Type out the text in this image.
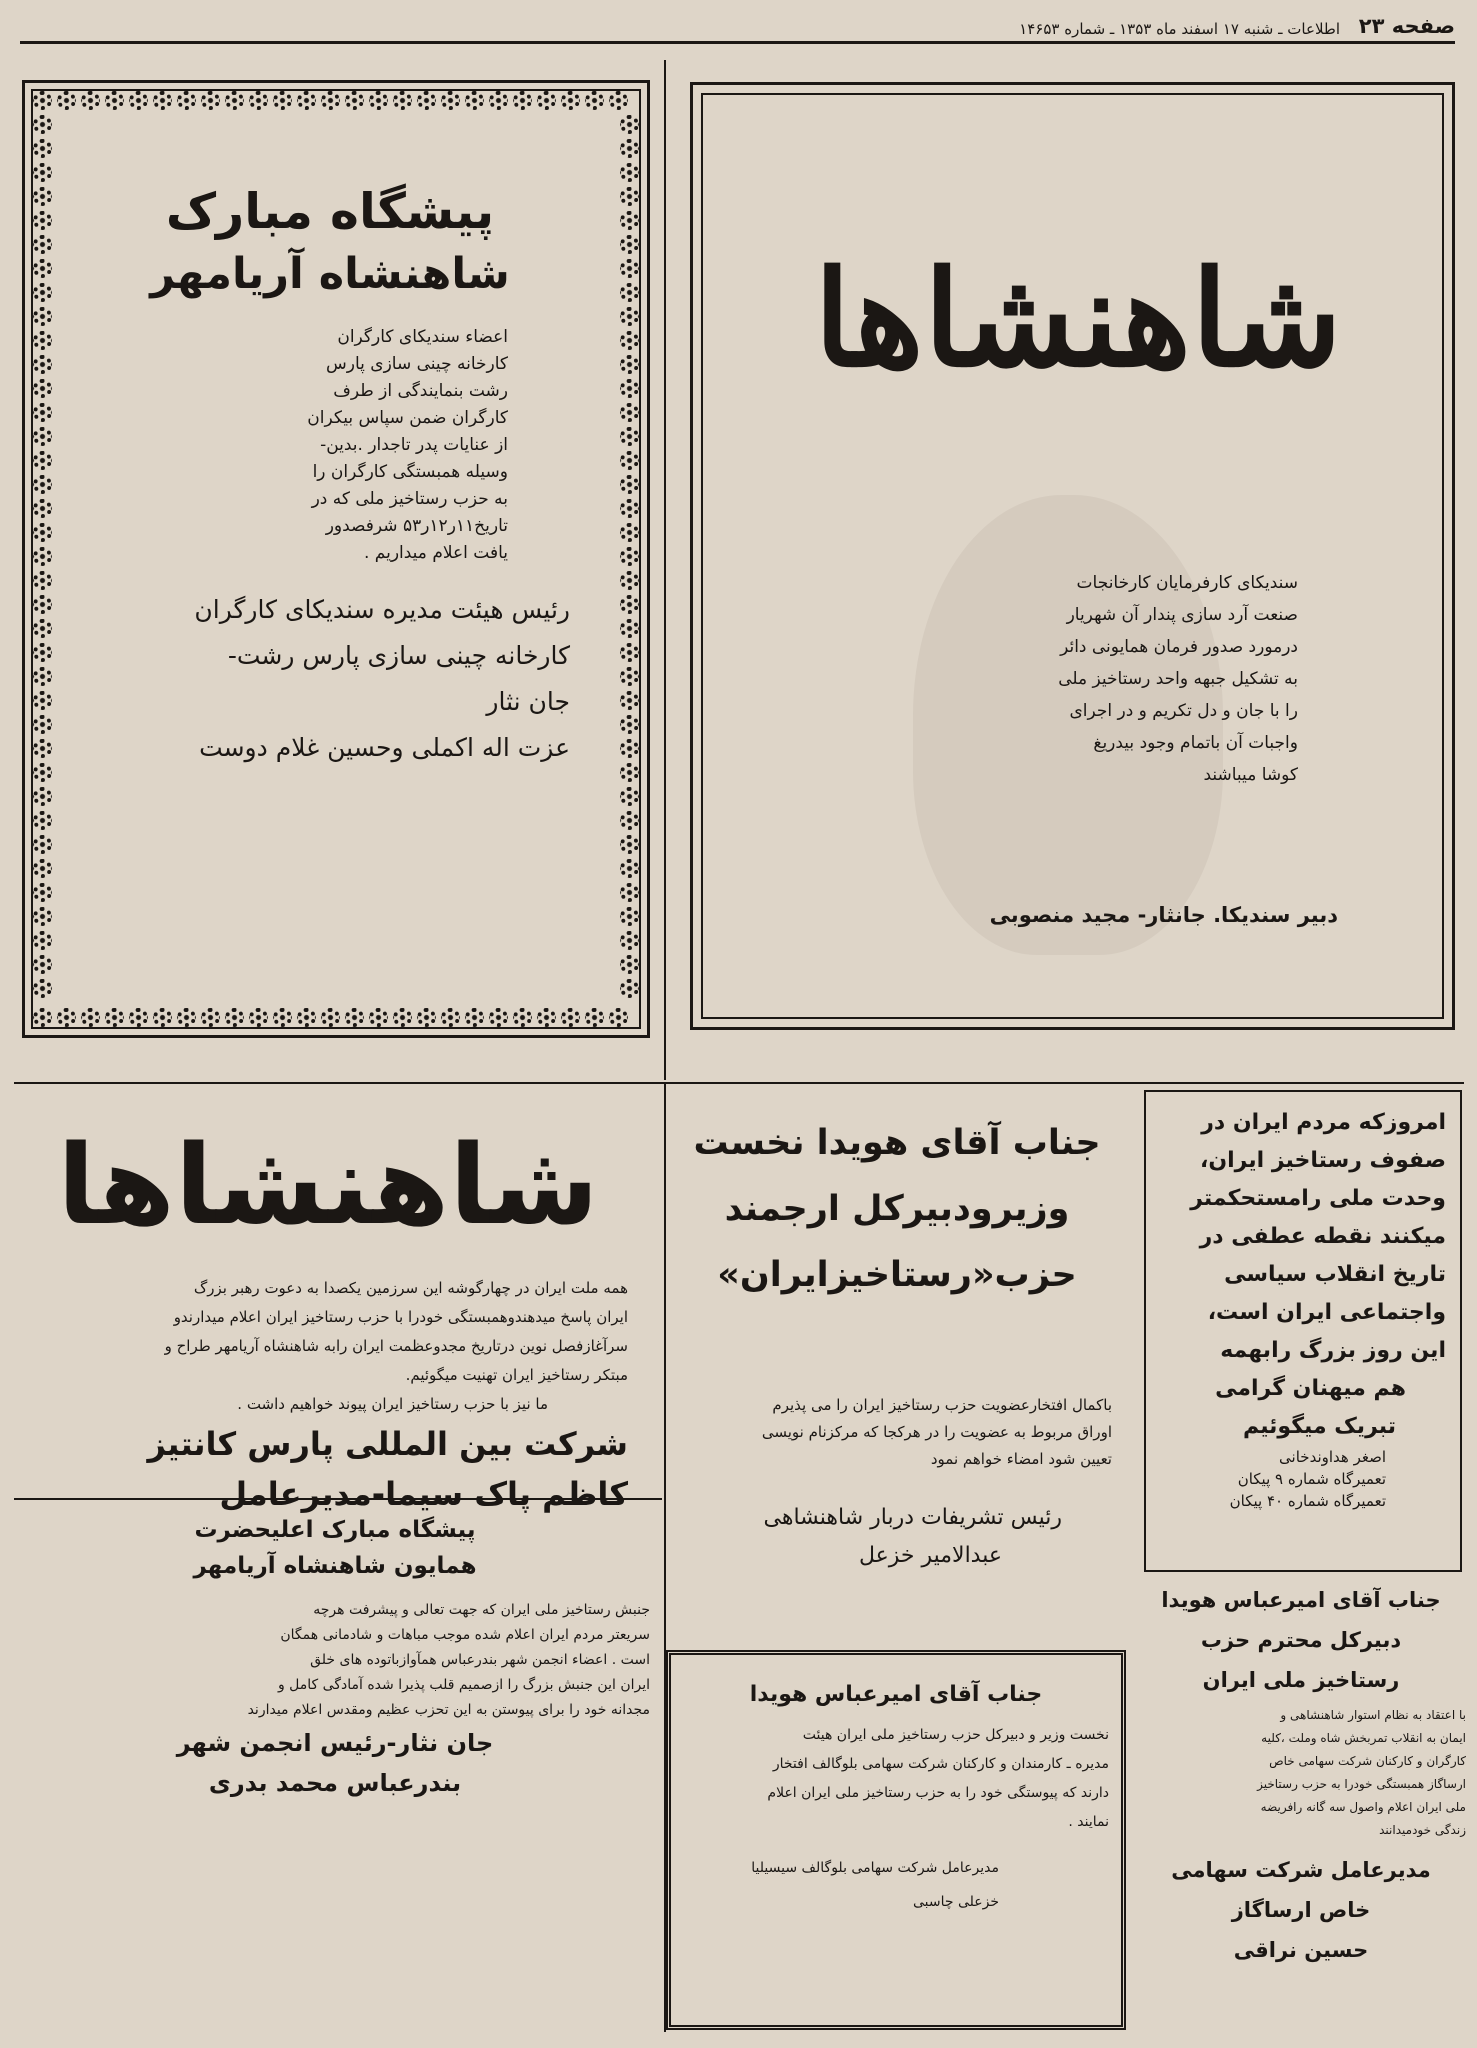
صفحه ۲۳
اطلاعات ـ شنبه ۱۷ اسفند ماه ۱۳۵۳ ـ شماره ۱۴۶۵۳
پیشگاه مبارک
شاهنشاه آریامهر
اعضاء سندیکای کارگران
کارخانه چینی سازی پارس
رشت بنمایندگی از طرف
کارگران ضمن سپاس بیکران
از عنایات پدر تاجدار .بدین-
وسیله همبستگی کارگران را
به حزب رستاخیز ملی که در
تاریخ۱۱ر۱۲ر۵۳ شرفصدور
یافت اعلام میداریم .
رئیس هیئت مدیره سندیکای کارگران
کارخانه چینی سازی پارس رشت-
جان نثار
عزت اله اکملی وحسین غلام دوست
شاهنشاها
سندیکای کارفرمایان کارخانجات
صنعت آرد سازی پندار آن شهریار
درمورد صدور فرمان همایونی دائر
به تشکیل جبهه واحد رستاخیز ملی
را با جان و دل تکریم و در اجرای
واجبات آن باتمام وجود بیدریغ
کوشا میباشند
دبیر سندیکا. جانثار- مجید منصوبی
شاهنشاها
همه ملت ایران در چهارگوشه این سرزمین یکصدا به دعوت رهبر بزرگ
ایران پاسخ میدهندوهمبستگی خودرا با حزب رستاخیز ایران اعلام میدارندو
سرآغازفصل نوین درتاریخ مجدوعظمت ایران رابه شاهنشاه آریامهر طراح و
مبتکر رستاخیز ایران تهنیت میگوئیم.
ما نیز با حزب رستاخیز ایران پیوند خواهیم داشت .
شرکت بین المللی پارس کانتیز
کاظم پاک سیما-مدیرعامل
جناب آقای هویدا نخست
وزیرودبیرکل ارجمند
حزب«رستاخیزایران»
باکمال افتخارعضویت حزب رستاخیز ایران را می پذیرم
اوراق مربوط به عضویت را در هرکجا که مرکزنام نویسی
تعیین شود امضاء خواهم نمود
رئیس تشریفات دربار شاهنشاهی
عبدالامیر خزعل
امروزکه مردم ایران در
صفوف رستاخیز ایران،
وحدت ملی رامستحکمتر
میکنند نقطه عطفی در
تاریخ انقلاب سیاسی
واجتماعی ایران است،
این روز بزرگ رابهمه
هم میهنان گرامی
تبریک میگوئیم
اصغر هداوندخانی
تعمیرگاه شماره ۹ پیکان
تعمیرگاه شماره ۴۰ پیکان
پیشگاه مبارک اعلیحضرت
همایون شاهنشاه آریامهر
جنبش رستاخیز ملی ایران که جهت تعالی و پیشرفت هرچه
سریعتر مردم ایران اعلام شده موجب مباهات و شادمانی همگان
است . اعضاء انجمن شهر بندرعباس همآوازباتوده های خلق
ایران این جنبش بزرگ را ازصمیم قلب پذیرا شده آمادگی کامل و
مجدانه خود را برای پیوستن به این تحزب عظیم ومقدس اعلام میدارند
جان نثار-رئیس انجمن شهر
بندرعباس محمد بدری
جناب آقای امیرعباس هویدا
نخست وزیر و دبیرکل حزب رستاخیز ملی ایران هیئت
مدیره ـ کارمندان و کارکنان شرکت سهامی بلوگالف افتخار
دارند که پیوستگی خود را به حزب رستاخیز ملی ایران اعلام
نمایند .
مدیرعامل شرکت سهامی بلوگالف سیسیلیا
خزعلی چاسبی
جناب آقای امیرعباس هویدا
دبیرکل محترم حزب
رستاخیز ملی ایران
با اعتقاد به نظام استوار شاهنشاهی و
ایمان به انقلاب تمربخش شاه وملت ،کلیه
کارگران و کارکنان شرکت سهامی خاص
ارساگاز همبستگی خودرا به حزب رستاخیز
ملی ایران اعلام واصول سه گانه رافریضه
زندگی خودمیدانند
مدیرعامل شرکت سهامی
خاص ارساگاز
حسین نراقی
